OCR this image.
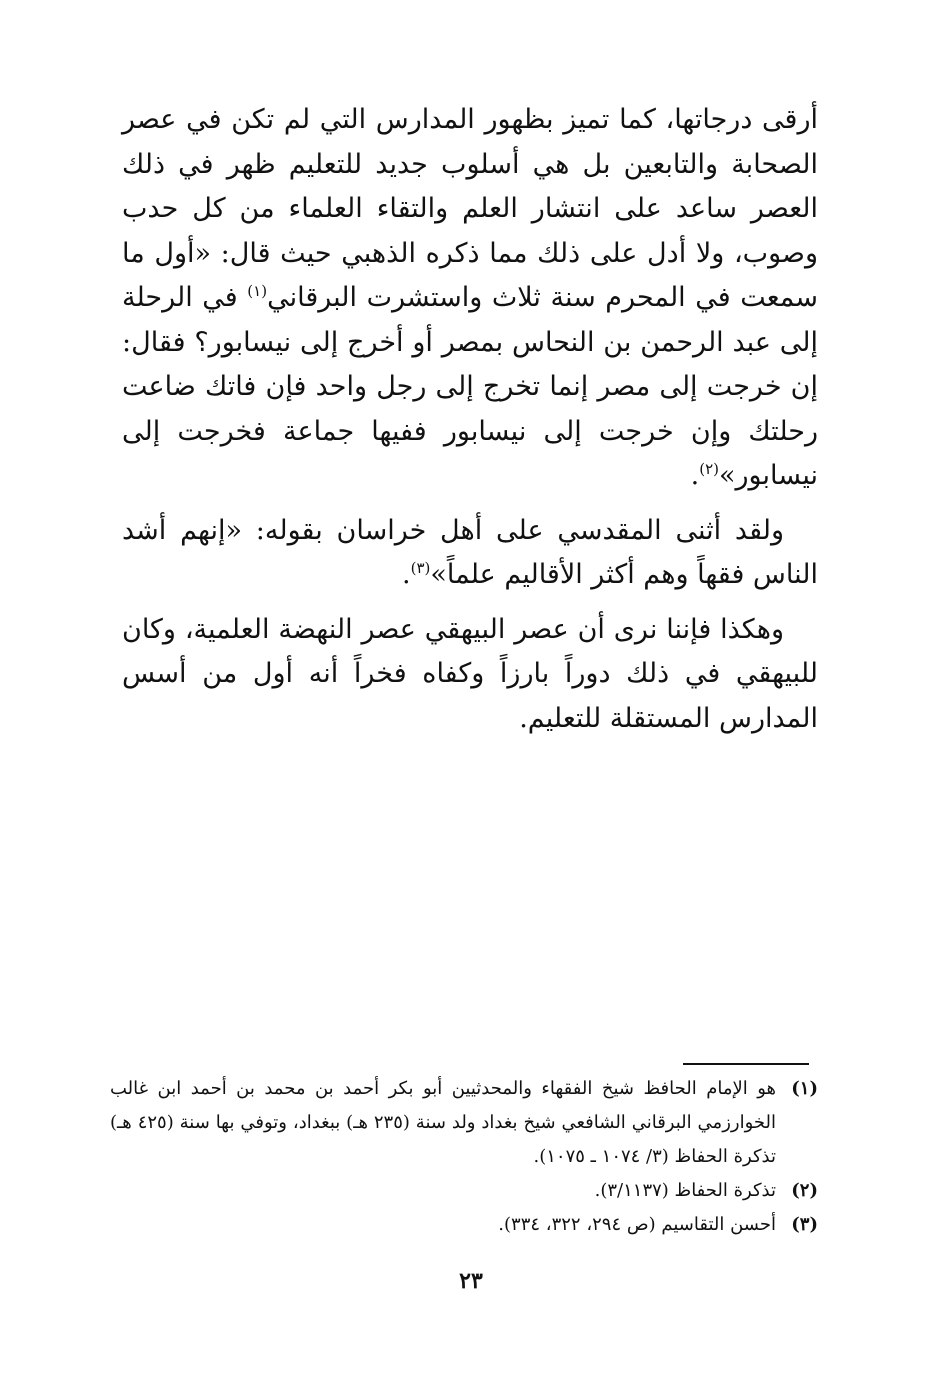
أرقى درجاتها، كما تميز بظهور المدارس التي لم تكن في عصر الصحابة والتابعين بل هي أسلوب جديد للتعليم ظهر في ذلك العصر ساعد على انتشار العلم والتقاء العلماء من كل حدب وصوب، ولا أدل على ذلك مما ذكره الذهبي حيث قال: «أول ما سمعت في المحرم سنة ثلاث واستشرت البرقاني$^{(١)}$ في الرحلة إلى عبد الرحمن بن النحاس بمصر أو أخرج إلى نيسابور؟ فقال: إن خرجت إلى مصر إنما تخرج إلى رجل واحد فإن فاتك ضاعت رحلتك وإن خرجت إلى نيسابور ففيها جماعة فخرجت إلى نيسابور»$^{(٢)}$.

ولقد أثنى المقدسي على أهل خراسان بقوله: «إنهم أشد الناس فقهاً وهم أكثر الأقاليم علماً»$^{(٣)}$.

وهكذا فإننا نرى أن عصر البيهقي عصر النهضة العلمية، وكان للبيهقي في ذلك دوراً بارزاً وكفاه فخراً أنه أول من أسس المدارس المستقلة للتعليم.

(١)
هو الإمام الحافظ شيخ الفقهاء والمحدثيين أبو بكر أحمد بن محمد بن أحمد ابن غالب الخوارزمي البرقاني الشافعي شيخ بغداد ولد سنة (٢٣٥ هـ) ببغداد، وتوفي بها سنة (٤٢٥ هـ) تذكرة الحفاظ (٣/ ١٠٧٤ ـ ١٠٧٥).
(٢)
تذكرة الحفاظ (٣/١١٣٧).
(٣)
أحسن التقاسيم (ص ٢٩٤، ٣٢٢، ٣٣٤).
٢٣
